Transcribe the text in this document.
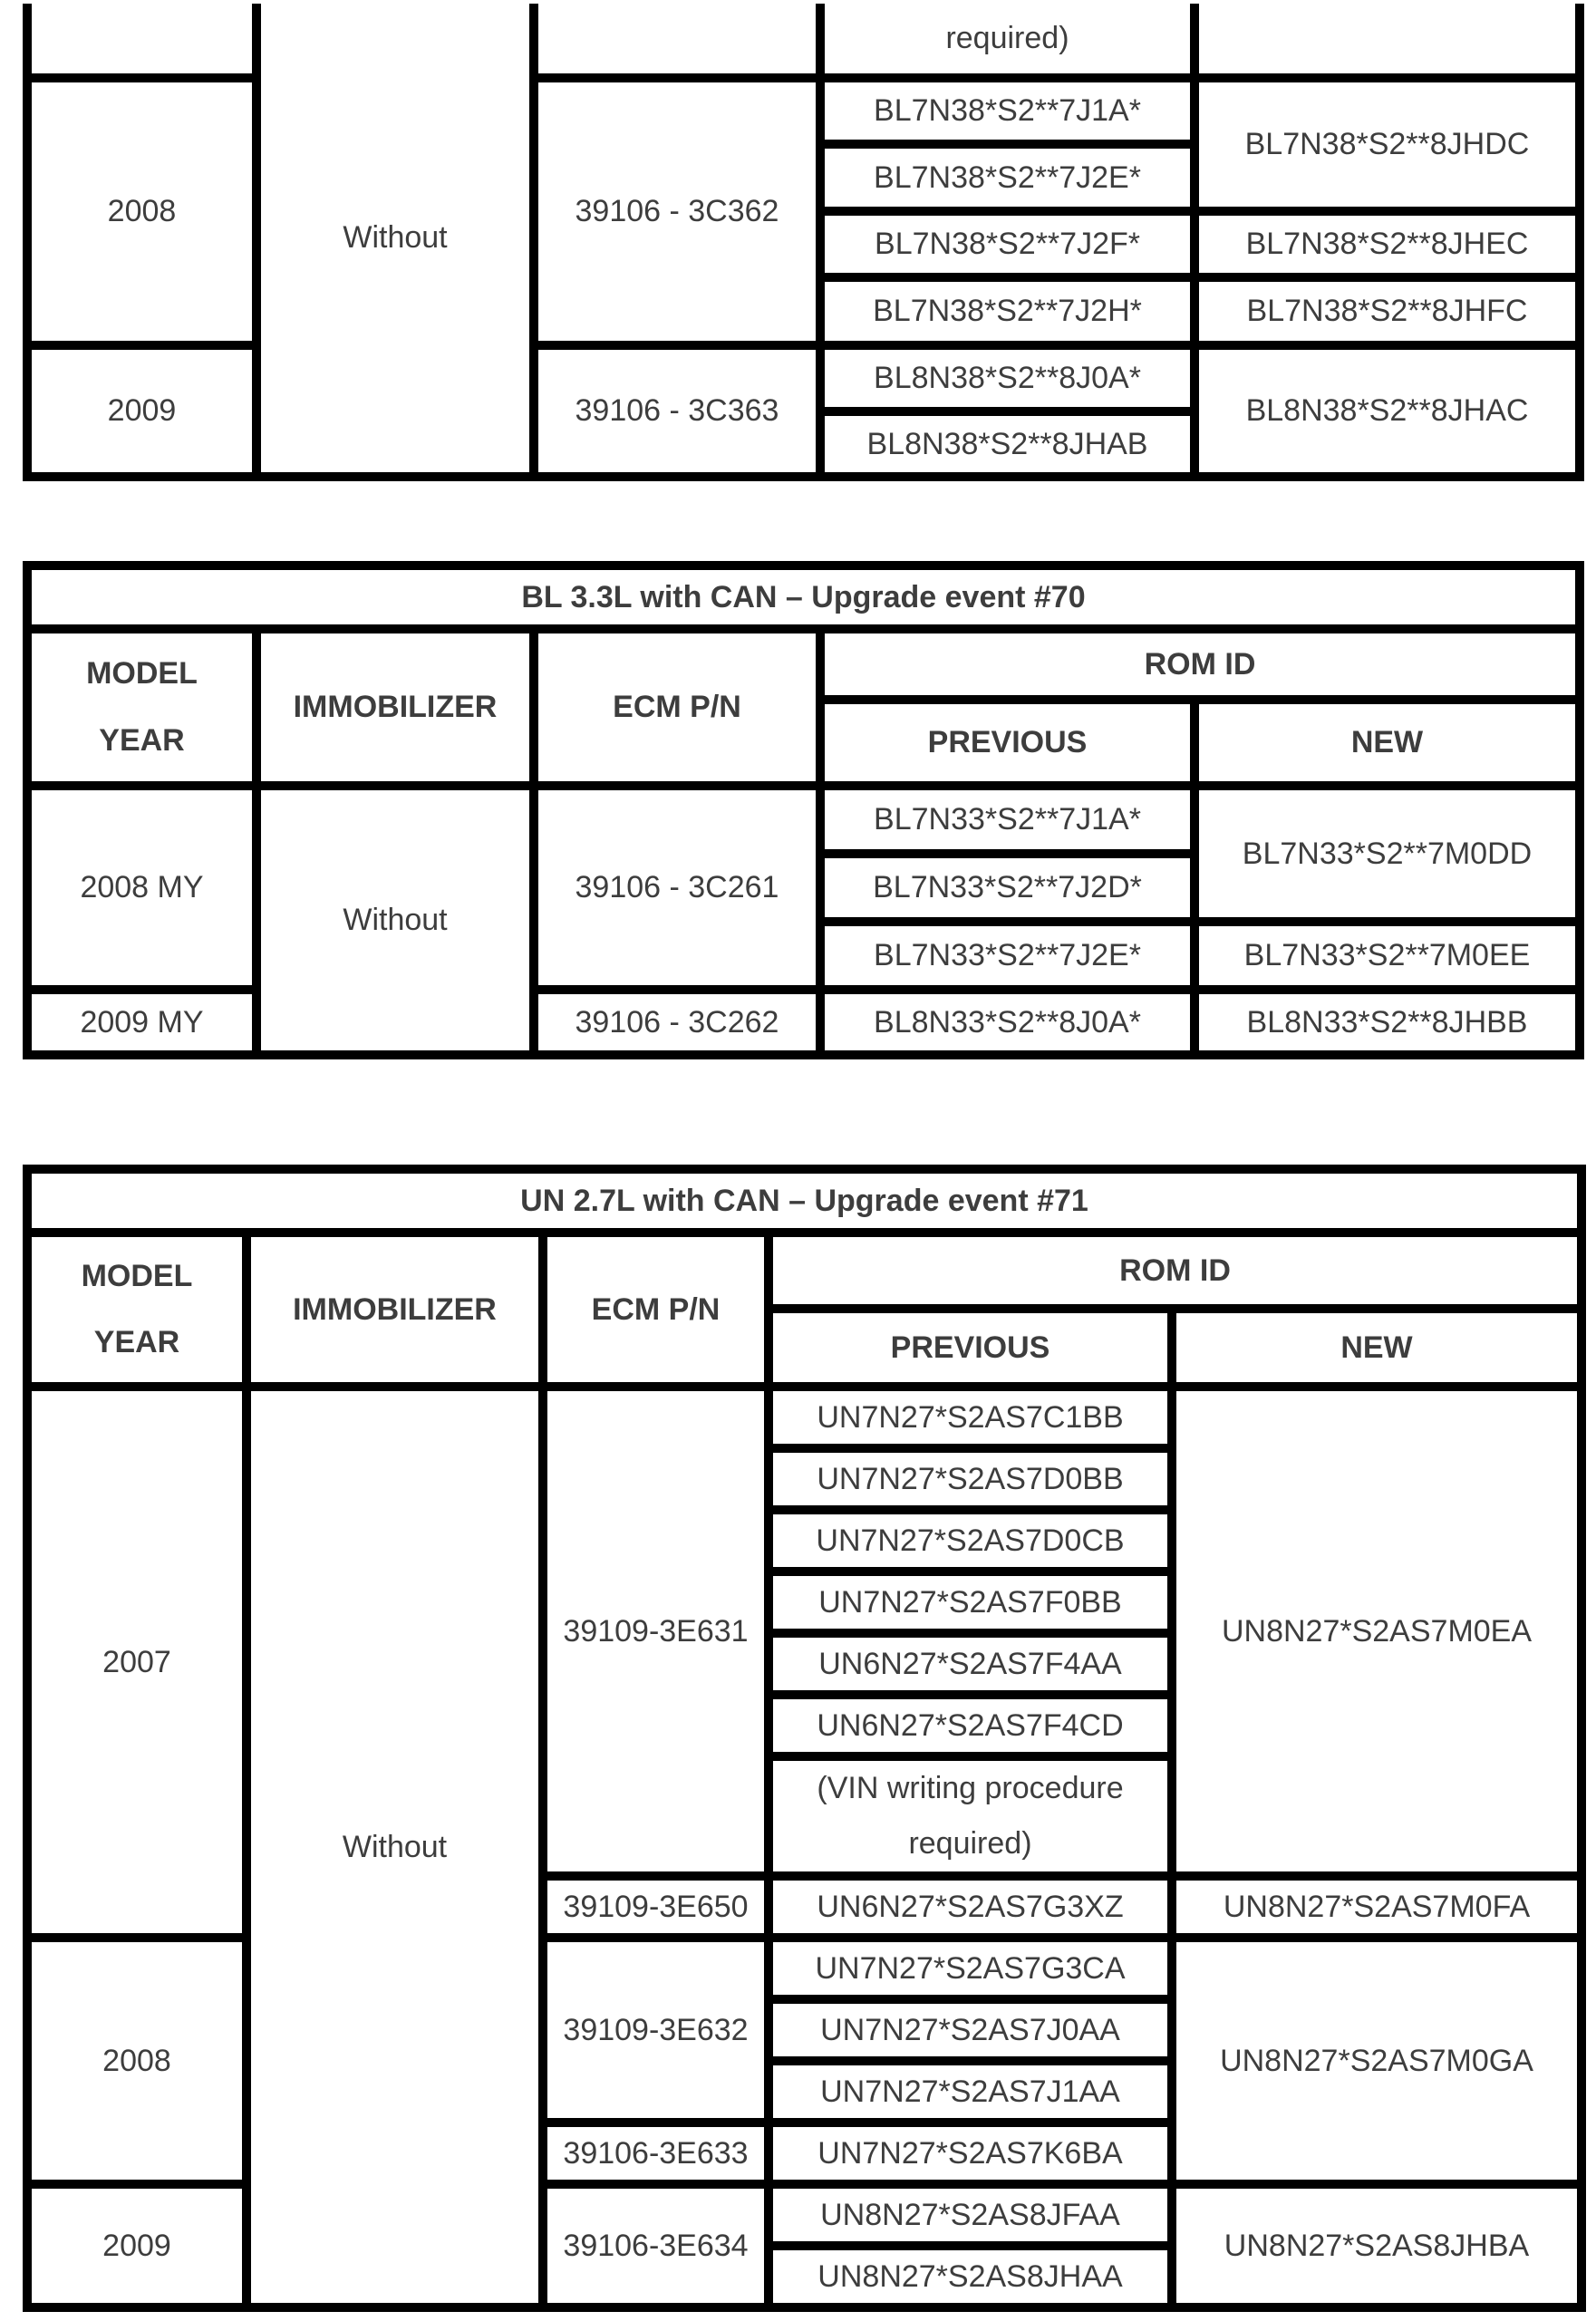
	Without		required)	
2008		39106 - 3C362	BL7N38*S2**7J1A*	BL7N38*S2**8JHDC
			BL7N38*S2**7J2E*	
			BL7N38*S2**7J2F*	BL7N38*S2**8JHEC
			BL7N38*S2**7J2H*	BL7N38*S2**8JHFC
2009		39106 - 3C363	BL8N38*S2**8J0A*	BL8N38*S2**8JHAC
			BL8N38*S2**8JHAB	
BL 3.3L with CAN – Upgrade event #70				

MODEL
YEAR	IMMOBILIZER	ECM P/N	ROM ID	
			PREVIOUS	NEW
2008 MY	Without	39106 - 3C261	BL7N33*S2**7J1A*	BL7N33*S2**7M0DD
			BL7N33*S2**7J2D*	
			BL7N33*S2**7J2E*	BL7N33*S2**7M0EE
2009 MY		39106 - 3C262	BL8N33*S2**8J0A*	BL8N33*S2**8JHBB
UN 2.7L with CAN – Upgrade event #71				

MODEL
YEAR	IMMOBILIZER	ECM P/N	ROM ID	
			PREVIOUS	NEW
2007	Without	39109-3E631	UN7N27*S2AS7C1BB	UN8N27*S2AS7M0EA
			UN7N27*S2AS7D0BB	
			UN7N27*S2AS7D0CB	
			UN7N27*S2AS7F0BB	
			UN6N27*S2AS7F4AA	
			UN6N27*S2AS7F4CD	
			(VIN writing procedure
required)	
		39109-3E650	UN6N27*S2AS7G3XZ	UN8N27*S2AS7M0FA
2008		39109-3E632	UN7N27*S2AS7G3CA	UN8N27*S2AS7M0GA
			UN7N27*S2AS7J0AA	
			UN7N27*S2AS7J1AA	
		39106-3E633	UN7N27*S2AS7K6BA	
2009		39106-3E634	UN8N27*S2AS8JFAA	UN8N27*S2AS8JHBA
			UN8N27*S2AS8JHAA	
